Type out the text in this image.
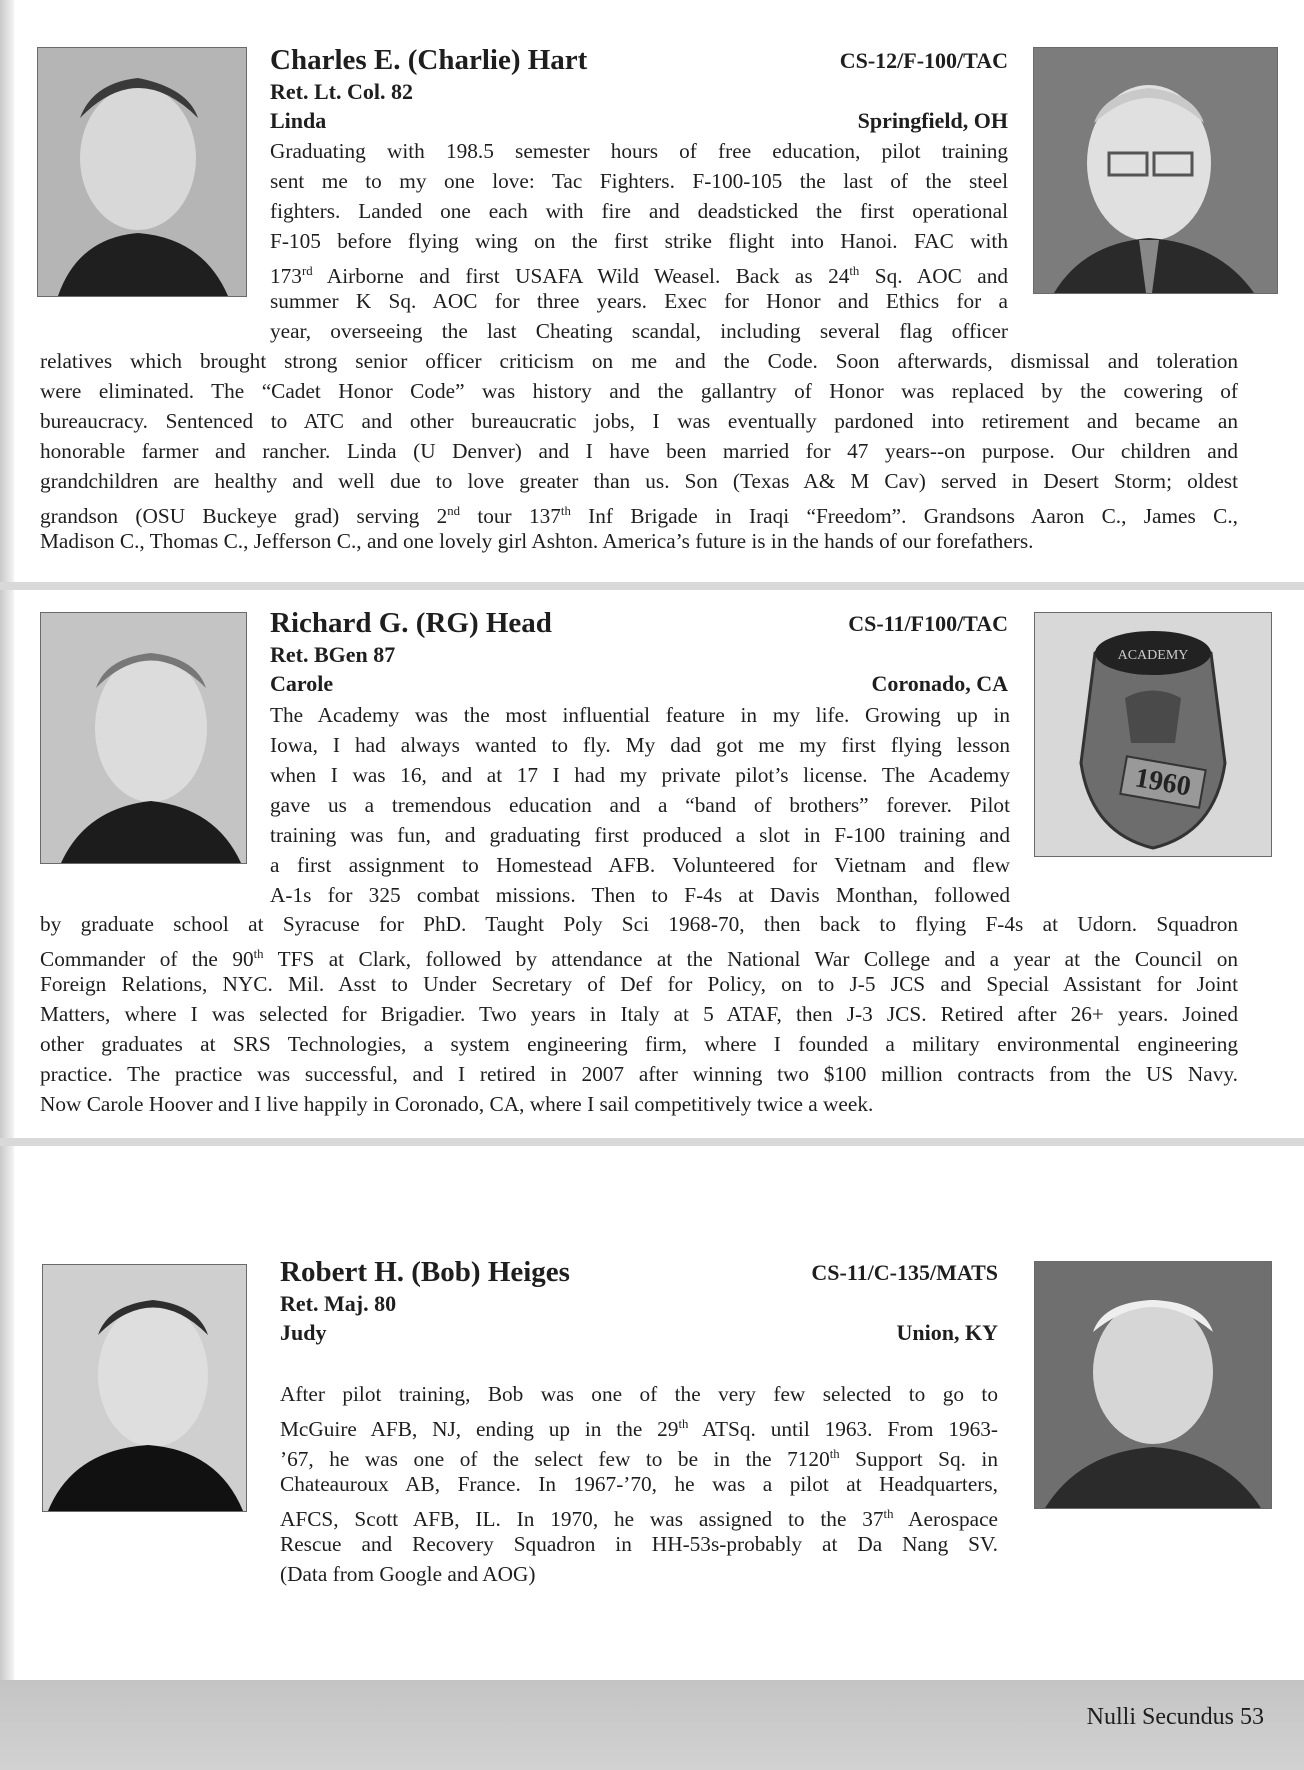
Charles E. (Charlie) Hart	CS-12/F-100/TAC
Ret. Lt. Col. 82
Linda	Springfield, OH
Graduating with 198.5 semester hours of free education, pilot training
sent me to my one love: Tac Fighters. F-100-105 the last of the steel
fighters. Landed one each with fire and deadsticked the first operational
F-105 before flying wing on the first strike flight into Hanoi. FAC with
173rd Airborne and first USAFA Wild Weasel. Back as 24th Sq. AOC and
summer K Sq. AOC for three years. Exec for Honor and Ethics for a
year, overseeing the last Cheating scandal, including several flag officer
relatives which brought strong senior officer criticism on me and the Code. Soon afterwards, dismissal and toleration
were eliminated. The “Cadet Honor Code” was history and the gallantry of Honor was replaced by the cowering of
bureaucracy. Sentenced to ATC and other bureaucratic jobs, I was eventually pardoned into retirement and became an
honorable farmer and rancher. Linda (U Denver) and I have been married for 47 years--on purpose. Our children and
grandchildren are healthy and well due to love greater than us. Son (Texas A& M Cav) served in Desert Storm; oldest
grandson (OSU Buckeye grad) serving 2nd tour 137th Inf Brigade in Iraqi “Freedom”. Grandsons Aaron C., James C.,
Madison C., Thomas C., Jefferson C., and one lovely girl Ashton. America’s future is in the hands of our forefathers.
ACADEMY
1960
Richard G. (RG) Head	CS-11/F100/TAC
Ret. BGen 87
Carole	Coronado, CA
The Academy was the most influential feature in my life. Growing up in
Iowa, I had always wanted to fly. My dad got me my first flying lesson
when I was 16, and at 17 I had my private pilot’s license. The Academy
gave us a tremendous education and a “band of brothers” forever. Pilot
training was fun, and graduating first produced a slot in F-100 training and
a first assignment to Homestead AFB. Volunteered for Vietnam and flew
A-1s for 325 combat missions. Then to F-4s at Davis Monthan, followed
by graduate school at Syracuse for PhD. Taught Poly Sci 1968-70, then back to flying F-4s at Udorn. Squadron
Commander of the 90th TFS at Clark, followed by attendance at the National War College and a year at the Council on
Foreign Relations, NYC. Mil. Asst to Under Secretary of Def for Policy, on to J-5 JCS and Special Assistant for Joint
Matters, where I was selected for Brigadier. Two years in Italy at 5 ATAF, then J-3 JCS. Retired after 26+ years. Joined
other graduates at SRS Technologies, a system engineering firm, where I founded a military environmental engineering
practice. The practice was successful, and I retired in 2007 after winning two $100 million contracts from the US Navy.
Now Carole Hoover and I live happily in Coronado, CA, where I sail competitively twice a week.
Robert H. (Bob) Heiges	CS-11/C-135/MATS
Ret. Maj. 80
Judy	Union, KY
After pilot training, Bob was one of the very few selected to go to
McGuire AFB, NJ, ending up in the 29th ATSq. until 1963. From 1963-
’67, he was one of the select few to be in the 7120th Support Sq. in
Chateauroux AB, France. In 1967-’70, he was a pilot at Headquarters,
AFCS, Scott AFB, IL. In 1970, he was assigned to the 37th Aerospace
Rescue and Recovery Squadron in HH-53s-probably at Da Nang SV.
(Data from Google and AOG)
Nulli Secundus 53
